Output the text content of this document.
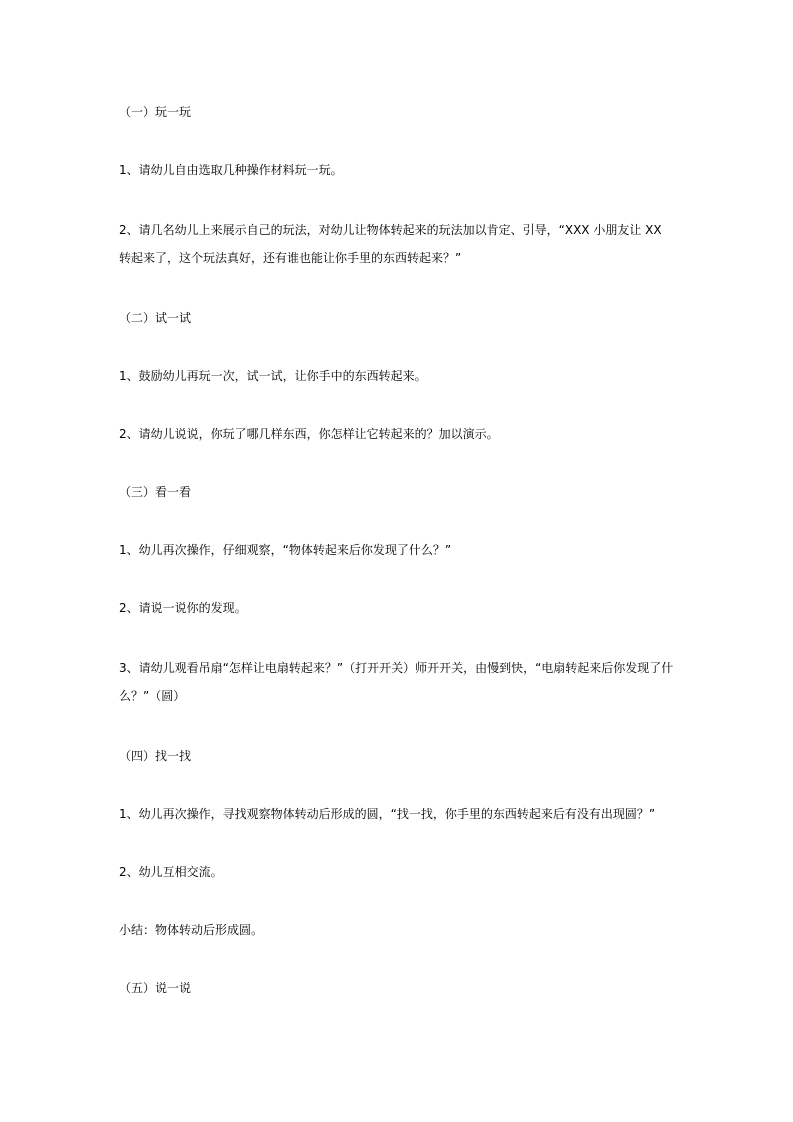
（一）玩一玩

1、请幼儿自由选取几种操作材料玩一玩。

2、请几名幼儿上来展示自己的玩法，对幼儿让物体转起来的玩法加以肯定、引导，“XXX 小朋友让 XX 转起来了，这个玩法真好，还有谁也能让你手里的东西转起来？”

（二）试一试

1、鼓励幼儿再玩一次，试一试，让你手中的东西转起来。

2、请幼儿说说，你玩了哪几样东西，你怎样让它转起来的？加以演示。

（三）看一看

1、幼儿再次操作，仔细观察，“物体转起来后你发现了什么？”

2、请说一说你的发现。

3、请幼儿观看吊扇“怎样让电扇转起来？”（打开开关）师开开关，由慢到快，“电扇转起来后你发现了什么？”（圆）

（四）找一找

1、幼儿再次操作，寻找观察物体转动后形成的圆，“找一找，你手里的东西转起来后有没有出现圆？”

2、幼儿互相交流。

小结：物体转动后形成圆。

（五）说一说
